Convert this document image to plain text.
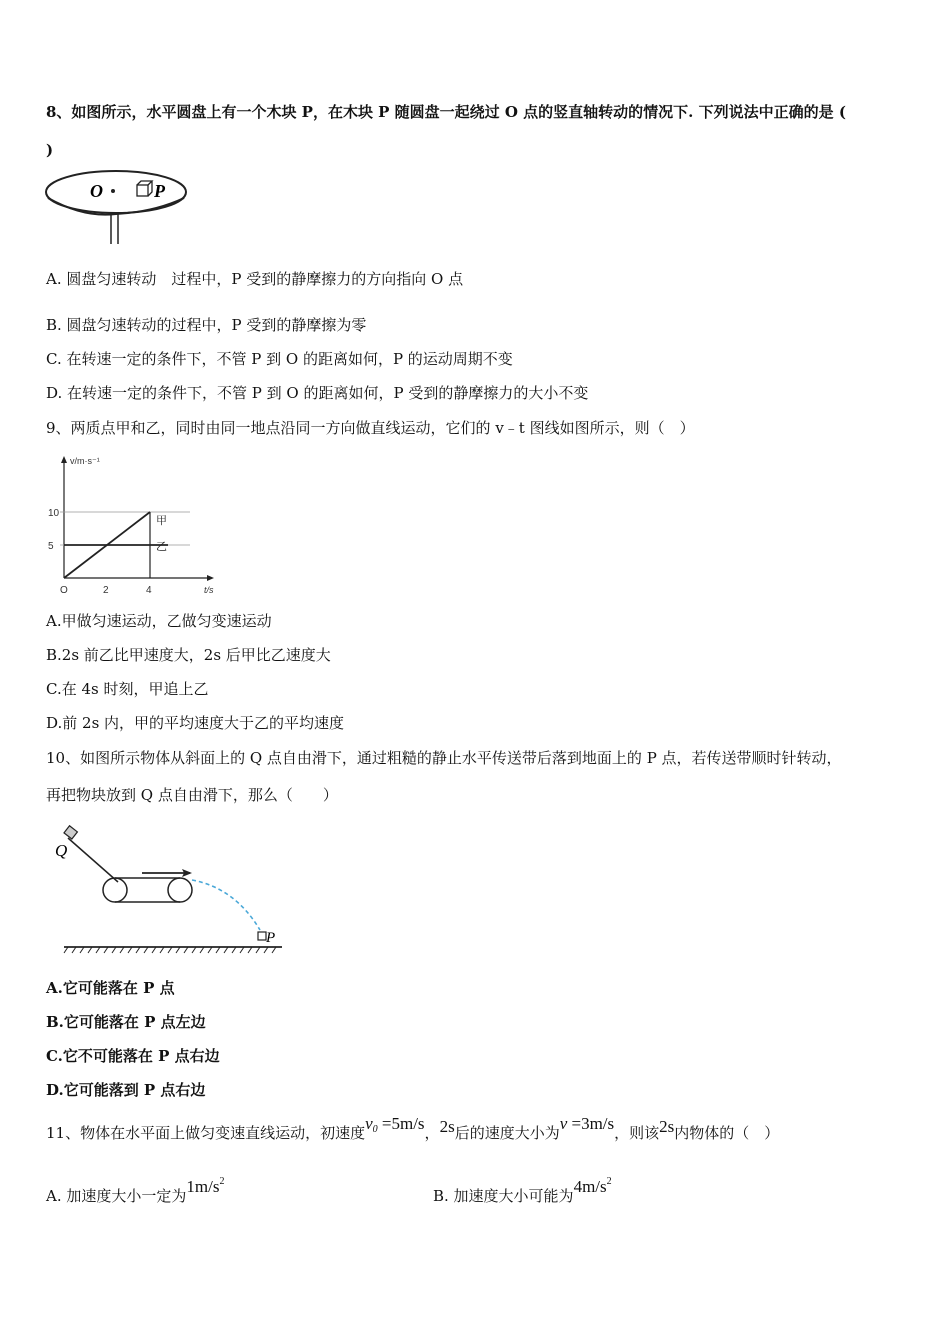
8、如图所示，水平圆盘上有一个木块 P，在木块 P 随圆盘一起绕过 O 点的竖直轴转动的情况下. 下列说法中正确的是 (
)
O	P
A. 圆盘匀速转动　过程中，P 受到的静摩擦力的方向指向 O 点
B. 圆盘匀速转动的过程中，P 受到的静摩擦为零
C. 在转速一定的条件下，不管 P 到 O 的距离如何，P 的运动周期不变
D. 在转速一定的条件下，不管 P 到 O 的距离如何，P 受到的静摩擦力的大小不变
9、两质点甲和乙，同时由同一地点沿同一方向做直线运动，它们的 v﹣t 图线如图所示，则（　）
5
10
O	2	4
v/m·s⁻¹
t/s
甲
乙
A.甲做匀速运动，乙做匀变速运动
B.2s 前乙比甲速度大，2s 后甲比乙速度大
C.在 4s 时刻，甲追上乙
D.前 2s 内，甲的平均速度大于乙的平均速度
10、如图所示物体从斜面上的 Q 点自由滑下，通过粗糙的静止水平传送带后落到地面上的 P 点，若传送带顺时针转动，
再把物块放到 Q 点自由滑下，那么（　　）
Q
P
A.它可能落在 P 点
B.它可能落在 P 点左边
C.它不可能落在 P 点右边
D.它可能落到 P 点右边
11、物体在水平面上做匀变速直线运动，初速度$v_0 =5m/s$，2s后的速度大小为v =3m/s，则该2s内物体的（　）
A. 加速度大小一定为$1m/s^2$
B. 加速度大小可能为$4m/s^2$
